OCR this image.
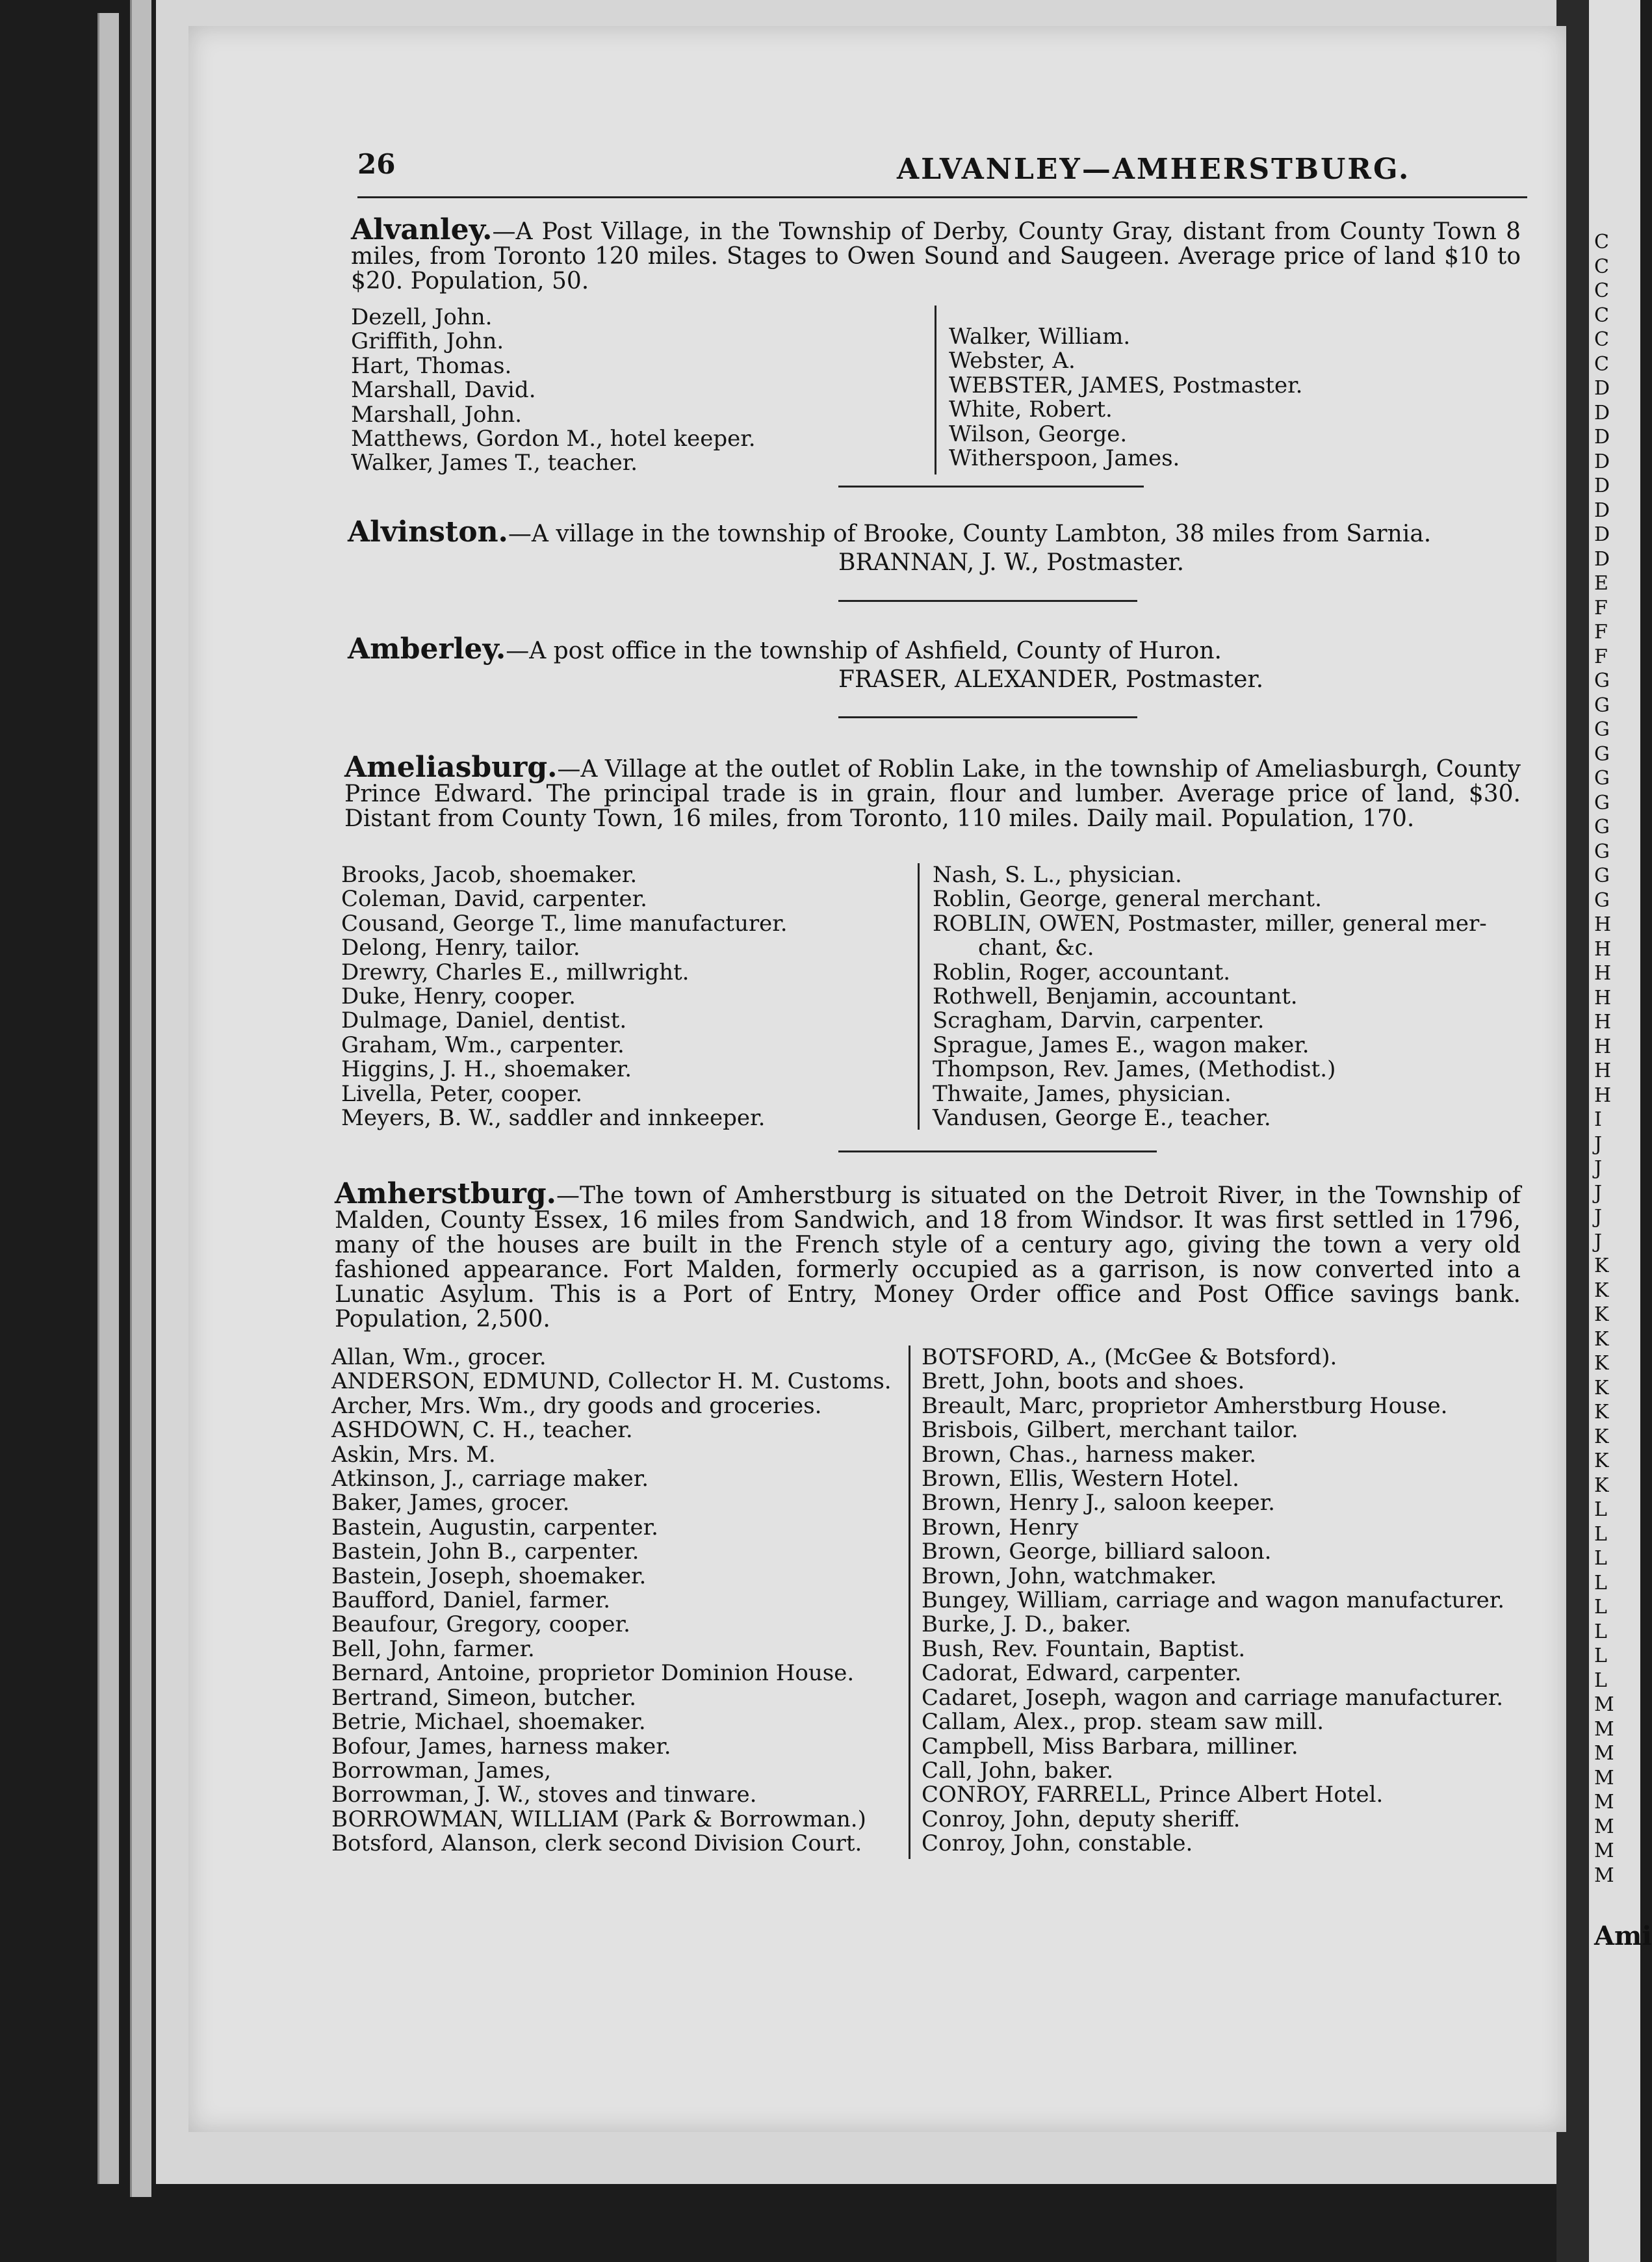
C
C
C
C
C
C
D
D
D
D
D
D
D
D
E
F
F
F
G
G
G
G
G
G
G
G
G
G
H
H
H
H
H
H
H
H
I
J
J
J
J
J
K
K
K
K
K
K
K
K
K
K
L
L
L
L
L
L
L
L
M
M
M
M
M
M
M
M
Ami
26	ALVANLEY—AMHERSTBURG.
Alvanley.—A Post Village, in the Township of Derby, County Gray, distant from County Town 8 miles, from Toronto 120 miles. Stages to Owen Sound and Saugeen. Average price of land $10 to $20. Population, 50.
Dezell, John.
Griffith, John.
Hart, Thomas.
Marshall, David.
Marshall, John.
Matthews, Gordon M., hotel keeper.
Walker, James T., teacher.
Walker, William.
Webster, A.
WEBSTER, JAMES, Postmaster.
White, Robert.
Wilson, George.
Witherspoon, James.
Alvinston.—A village in the township of Brooke, County Lambton, 38 miles from Sarnia.
BRANNAN, J. W., Postmaster.
Amberley.—A post office in the township of Ashfield, County of Huron.
FRASER, ALEXANDER, Postmaster.
Ameliasburg.—A Village at the outlet of Roblin Lake, in the township of Ameliasburgh, County Prince Edward. The principal trade is in grain, flour and lumber. Average price of land, $30. Distant from County Town, 16 miles, from Toronto, 110 miles. Daily mail. Population, 170.
Brooks, Jacob, shoemaker.
Coleman, David, carpenter.
Cousand, George T., lime manufacturer.
Delong, Henry, tailor.
Drewry, Charles E., millwright.
Duke, Henry, cooper.
Dulmage, Daniel, dentist.
Graham, Wm., carpenter.
Higgins, J. H., shoemaker.
Livella, Peter, cooper.
Meyers, B. W., saddler and innkeeper.
Nash, S. L., physician.
Roblin, George, general merchant.
ROBLIN, OWEN, Postmaster, miller, general mer-
chant, &c.
Roblin, Roger, accountant.
Rothwell, Benjamin, accountant.
Scragham, Darvin, carpenter.
Sprague, James E., wagon maker.
Thompson, Rev. James, (Methodist.)
Thwaite, James, physician.
Vandusen, George E., teacher.
Amherstburg.—The town of Amherstburg is situated on the Detroit River, in the Township of Malden, County Essex, 16 miles from Sandwich, and 18 from Windsor. It was first settled in 1796, many of the houses are built in the French style of a century ago, giving the town a very old fashioned appearance. Fort Malden, formerly occupied as a garrison, is now converted into a Lunatic Asylum. This is a Port of Entry, Money Order office and Post Office savings bank. Population, 2,500.
Allan, Wm., grocer.
ANDERSON, EDMUND, Collector H. M. Customs.
Archer, Mrs. Wm., dry goods and groceries.
ASHDOWN, C. H., teacher.
Askin, Mrs. M.
Atkinson, J., carriage maker.
Baker, James, grocer.
Bastein, Augustin, carpenter.
Bastein, John B., carpenter.
Bastein, Joseph, shoemaker.
Baufford, Daniel, farmer.
Beaufour, Gregory, cooper.
Bell, John, farmer.
Bernard, Antoine, proprietor Dominion House.
Bertrand, Simeon, butcher.
Betrie, Michael, shoemaker.
Bofour, James, harness maker.
Borrowman, James,
Borrowman, J. W., stoves and tinware.
BORROWMAN, WILLIAM (Park & Borrowman.)
Botsford, Alanson, clerk second Division Court.
BOTSFORD, A., (McGee & Botsford).
Brett, John, boots and shoes.
Breault, Marc, proprietor Amherstburg House.
Brisbois, Gilbert, merchant tailor.
Brown, Chas., harness maker.
Brown, Ellis, Western Hotel.
Brown, Henry J., saloon keeper.
Brown, Henry
Brown, George, billiard saloon.
Brown, John, watchmaker.
Bungey, William, carriage and wagon manufacturer.
Burke, J. D., baker.
Bush, Rev. Fountain, Baptist.
Cadorat, Edward, carpenter.
Cadaret, Joseph, wagon and carriage manufacturer.
Callam, Alex., prop. steam saw mill.
Campbell, Miss Barbara, milliner.
Call, John, baker.
CONROY, FARRELL, Prince Albert Hotel.
Conroy, John, deputy sheriff.
Conroy, John, constable.
